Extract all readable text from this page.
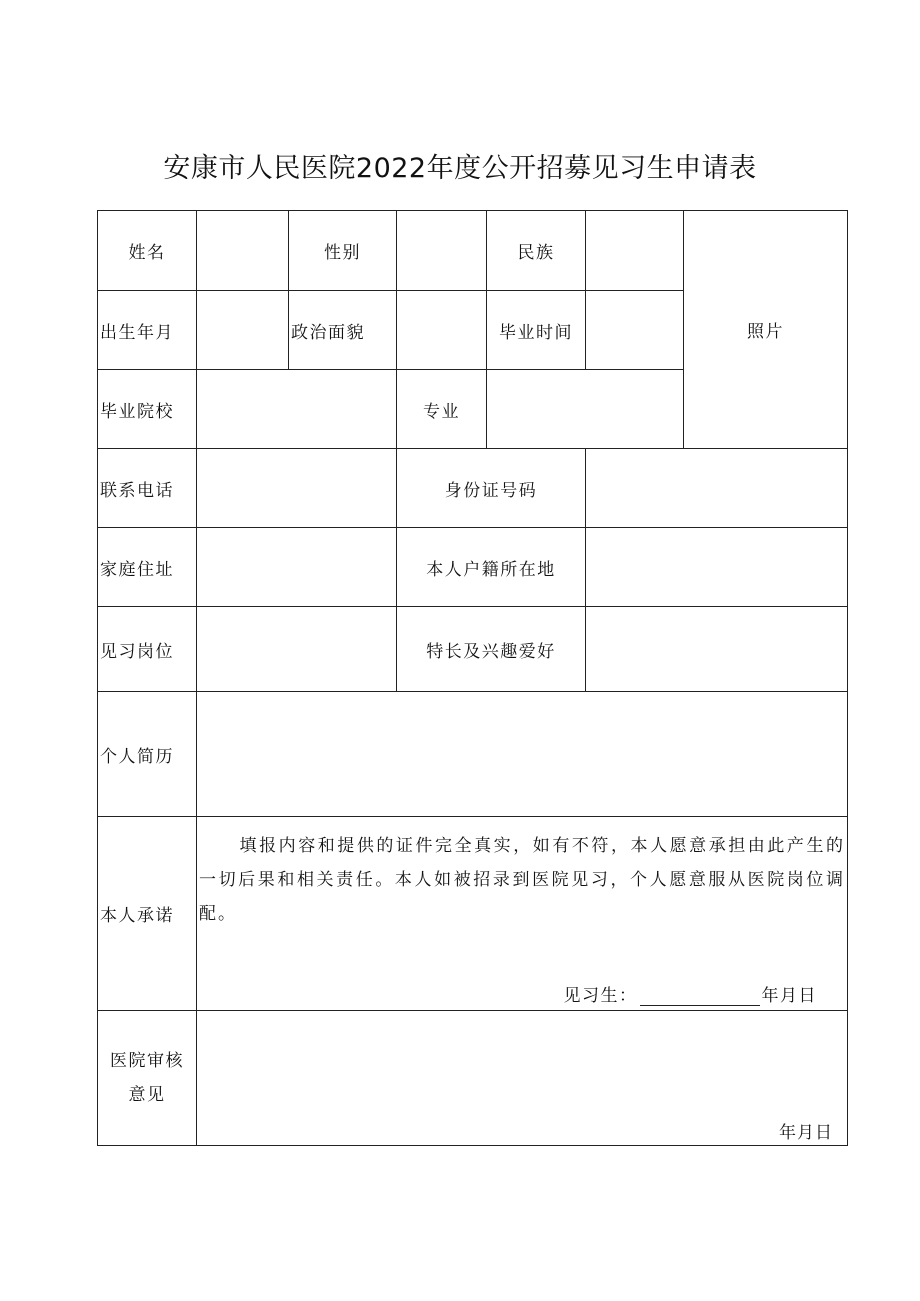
安康市人民医院2022年度公开招募见习生申请表
姓名		性别		民族		照片
出生年月		政治面貌		毕业时间		
毕业院校			专业			
联系电话			身份证号码			
家庭住址			本人户籍所在地			
见习岗位			特长及兴趣爱好			
个人简历						
本人承诺	填报内容和提供的证件完全真实，如有不符，本人愿意承担由此产生的一切后果和相关责任。本人如被招录到医院见习，个人愿意服从医院岗位调配。
见习生： 年月日					

医院审核
意见	年月日					
